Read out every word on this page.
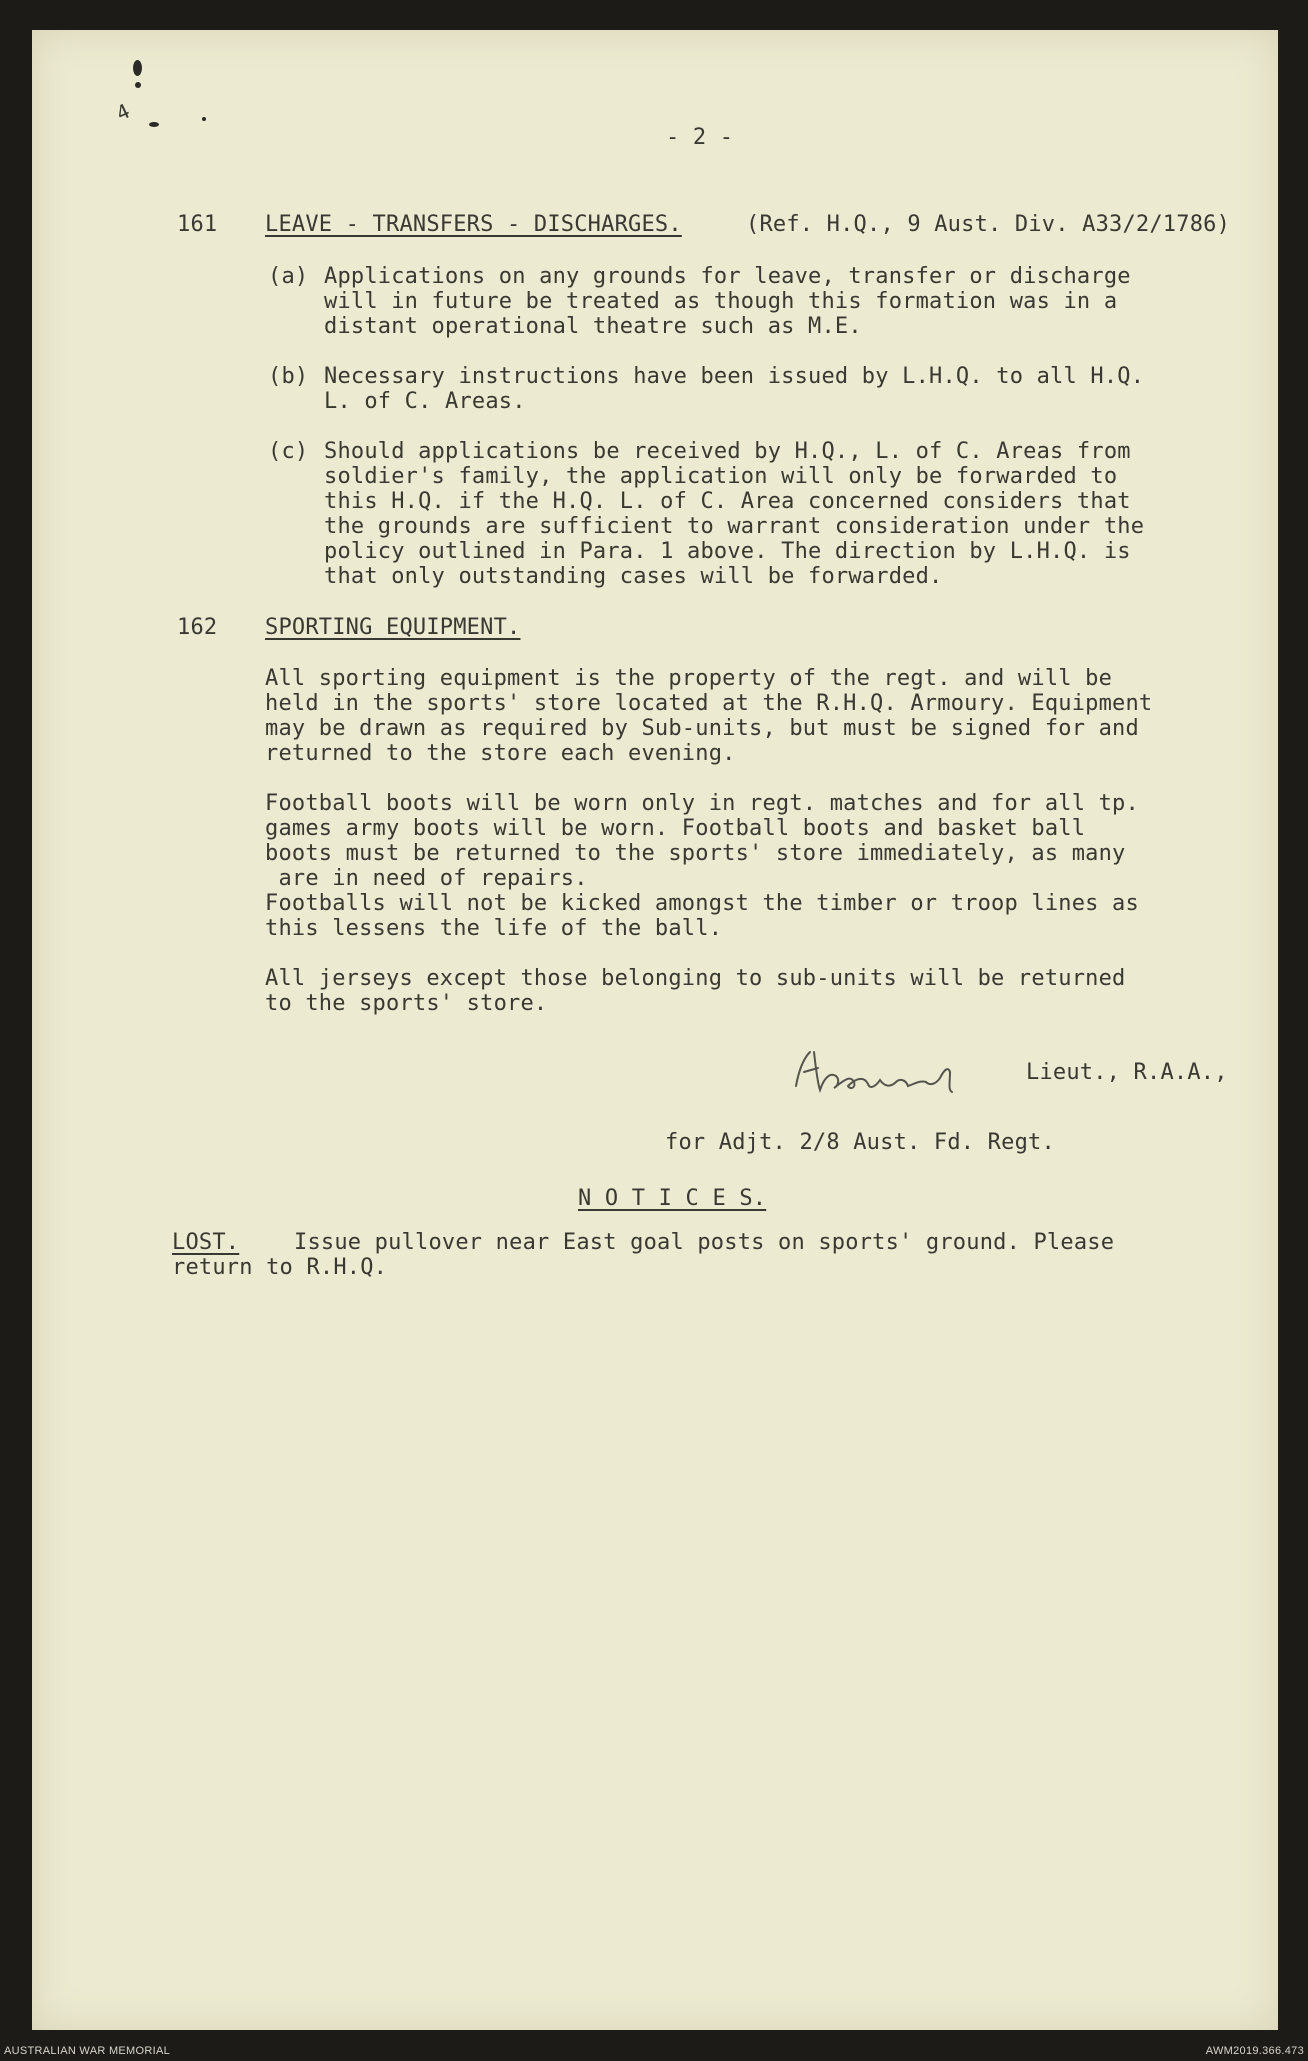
4
- 2 -
161 LEAVE - TRANSFERS - DISCHARGES.	(Ref. H.Q., 9 Aust. Div. A33/2/1786)
(a) Applications on any grounds for leave, transfer or discharge
will in future be treated as though this formation was in a
distant operational theatre such as M.E.
(b) Necessary instructions have been issued by L.H.Q. to all H.Q.
L. of C. Areas.
(c) Should applications be received by H.Q., L. of C. Areas from
soldier's family, the application will only be forwarded to
this H.Q. if the H.Q. L. of C. Area concerned considers that
the grounds are sufficient to warrant consideration under the
policy outlined in Para. 1 above. The direction by L.H.Q. is
that only outstanding cases will be forwarded.
162 SPORTING EQUIPMENT.
All sporting equipment is the property of the regt. and will be
held in the sports' store located at the R.H.Q. Armoury. Equipment
may be drawn as required by Sub-units, but must be signed for and
returned to the store each evening.
Football boots will be worn only in regt. matches and for all tp.
games army boots will be worn. Football boots and basket ball
boots must be returned to the sports' store immediately, as many
are in need of repairs.
Footballs will not be kicked amongst the timber or troop lines as
this lessens the life of the ball.
All jerseys except those belonging to sub-units will be returned
to the sports' store.
Lieut., R.A.A.,
for Adjt. 2/8 Aust. Fd. Regt.
N O T I C E S.
LOST. Issue pullover near East goal posts on sports' ground. Please
return to R.H.Q.
AUSTRALIAN WAR MEMORIAL	AWM2019.366.473
